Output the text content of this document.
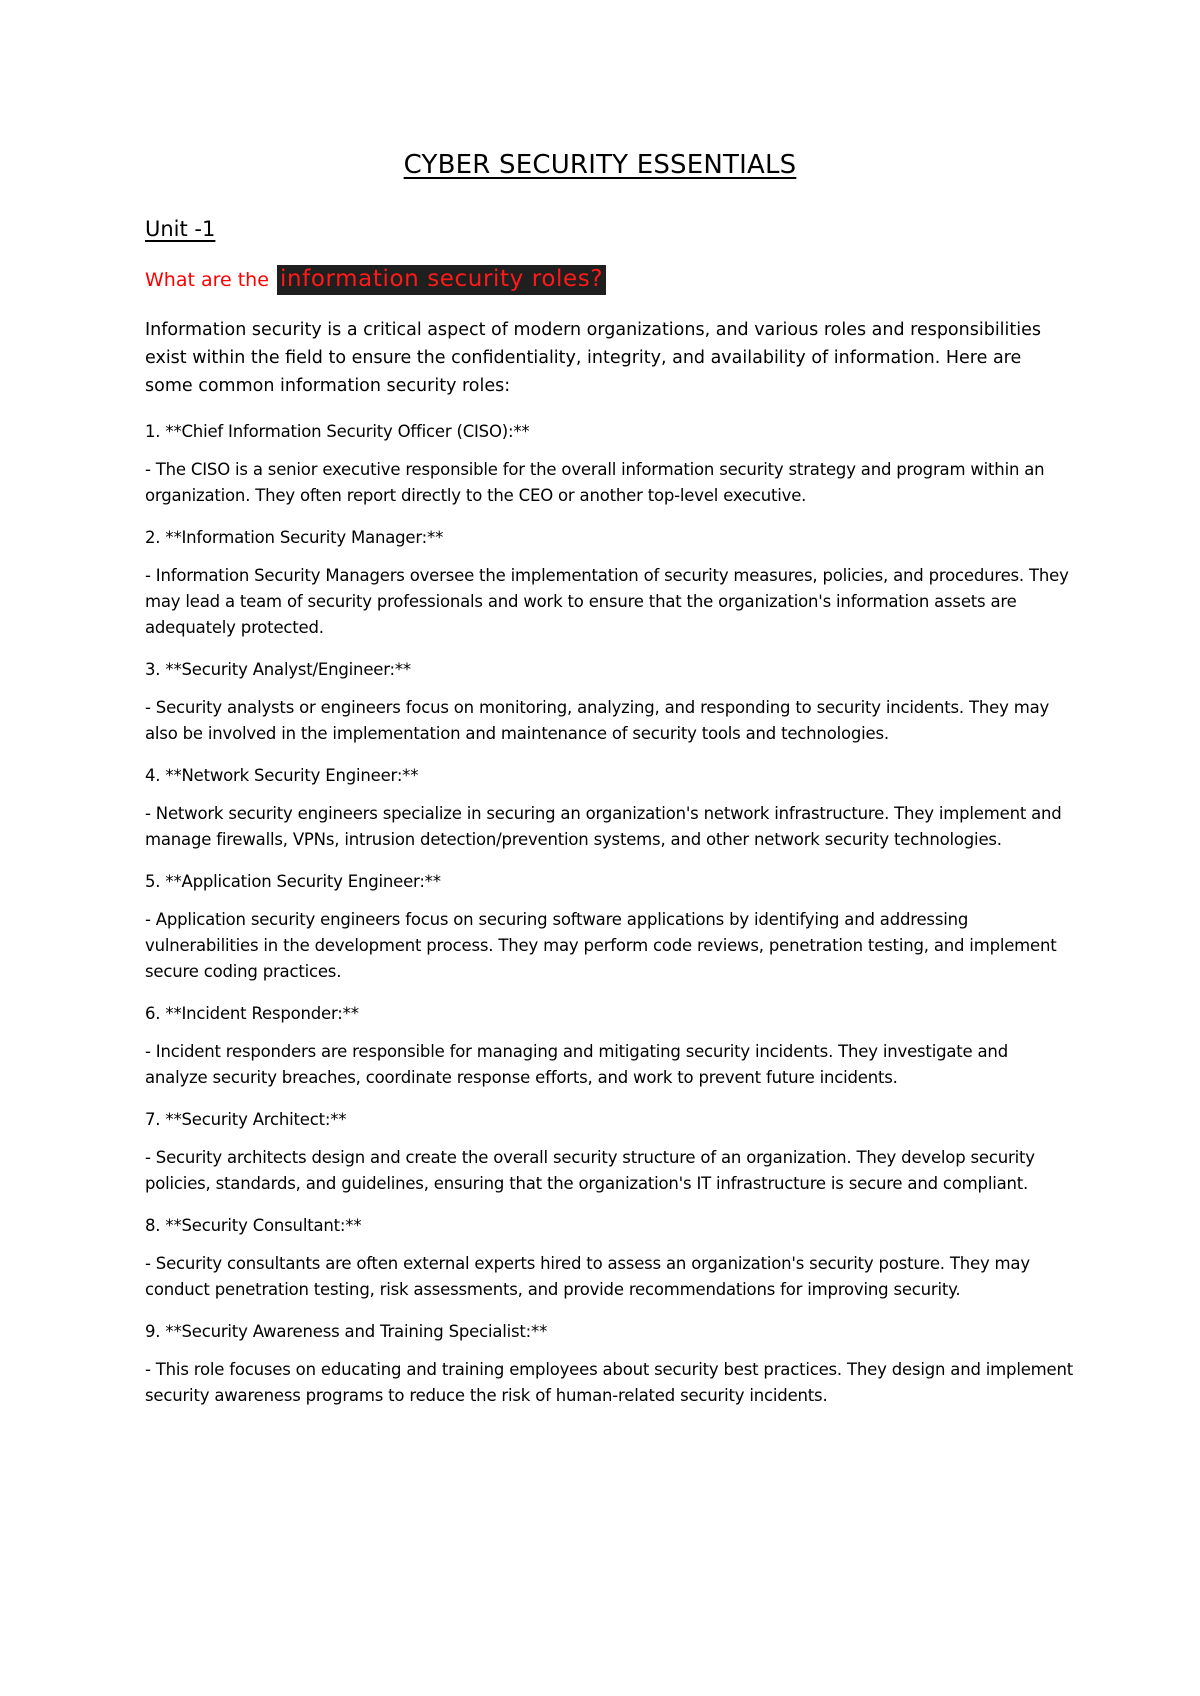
CYBER SECURITY ESSENTIALS
Unit -1
What are the information security roles?

Information security is a critical aspect of modern organizations, and various roles and responsibilities exist within the field to ensure the confidentiality, integrity, and availability of information. Here are some common information security roles:

1. **Chief Information Security Officer (CISO):**

- The CISO is a senior executive responsible for the overall information security strategy and program within an organization. They often report directly to the CEO or another top-level executive.

2. **Information Security Manager:**

- Information Security Managers oversee the implementation of security measures, policies, and procedures. They may lead a team of security professionals and work to ensure that the organization's information assets are adequately protected.

3. **Security Analyst/Engineer:**

- Security analysts or engineers focus on monitoring, analyzing, and responding to security incidents. They may also be involved in the implementation and maintenance of security tools and technologies.

4. **Network Security Engineer:**

- Network security engineers specialize in securing an organization's network infrastructure. They implement and manage firewalls, VPNs, intrusion detection/prevention systems, and other network security technologies.

5. **Application Security Engineer:**

- Application security engineers focus on securing software applications by identifying and addressing vulnerabilities in the development process. They may perform code reviews, penetration testing, and implement secure coding practices.

6. **Incident Responder:**

- Incident responders are responsible for managing and mitigating security incidents. They investigate and analyze security breaches, coordinate response efforts, and work to prevent future incidents.

7. **Security Architect:**

- Security architects design and create the overall security structure of an organization. They develop security policies, standards, and guidelines, ensuring that the organization's IT infrastructure is secure and compliant.

8. **Security Consultant:**

- Security consultants are often external experts hired to assess an organization's security posture. They may conduct penetration testing, risk assessments, and provide recommendations for improving security.

9. **Security Awareness and Training Specialist:**

- This role focuses on educating and training employees about security best practices. They design and implement security awareness programs to reduce the risk of human-related security incidents.
